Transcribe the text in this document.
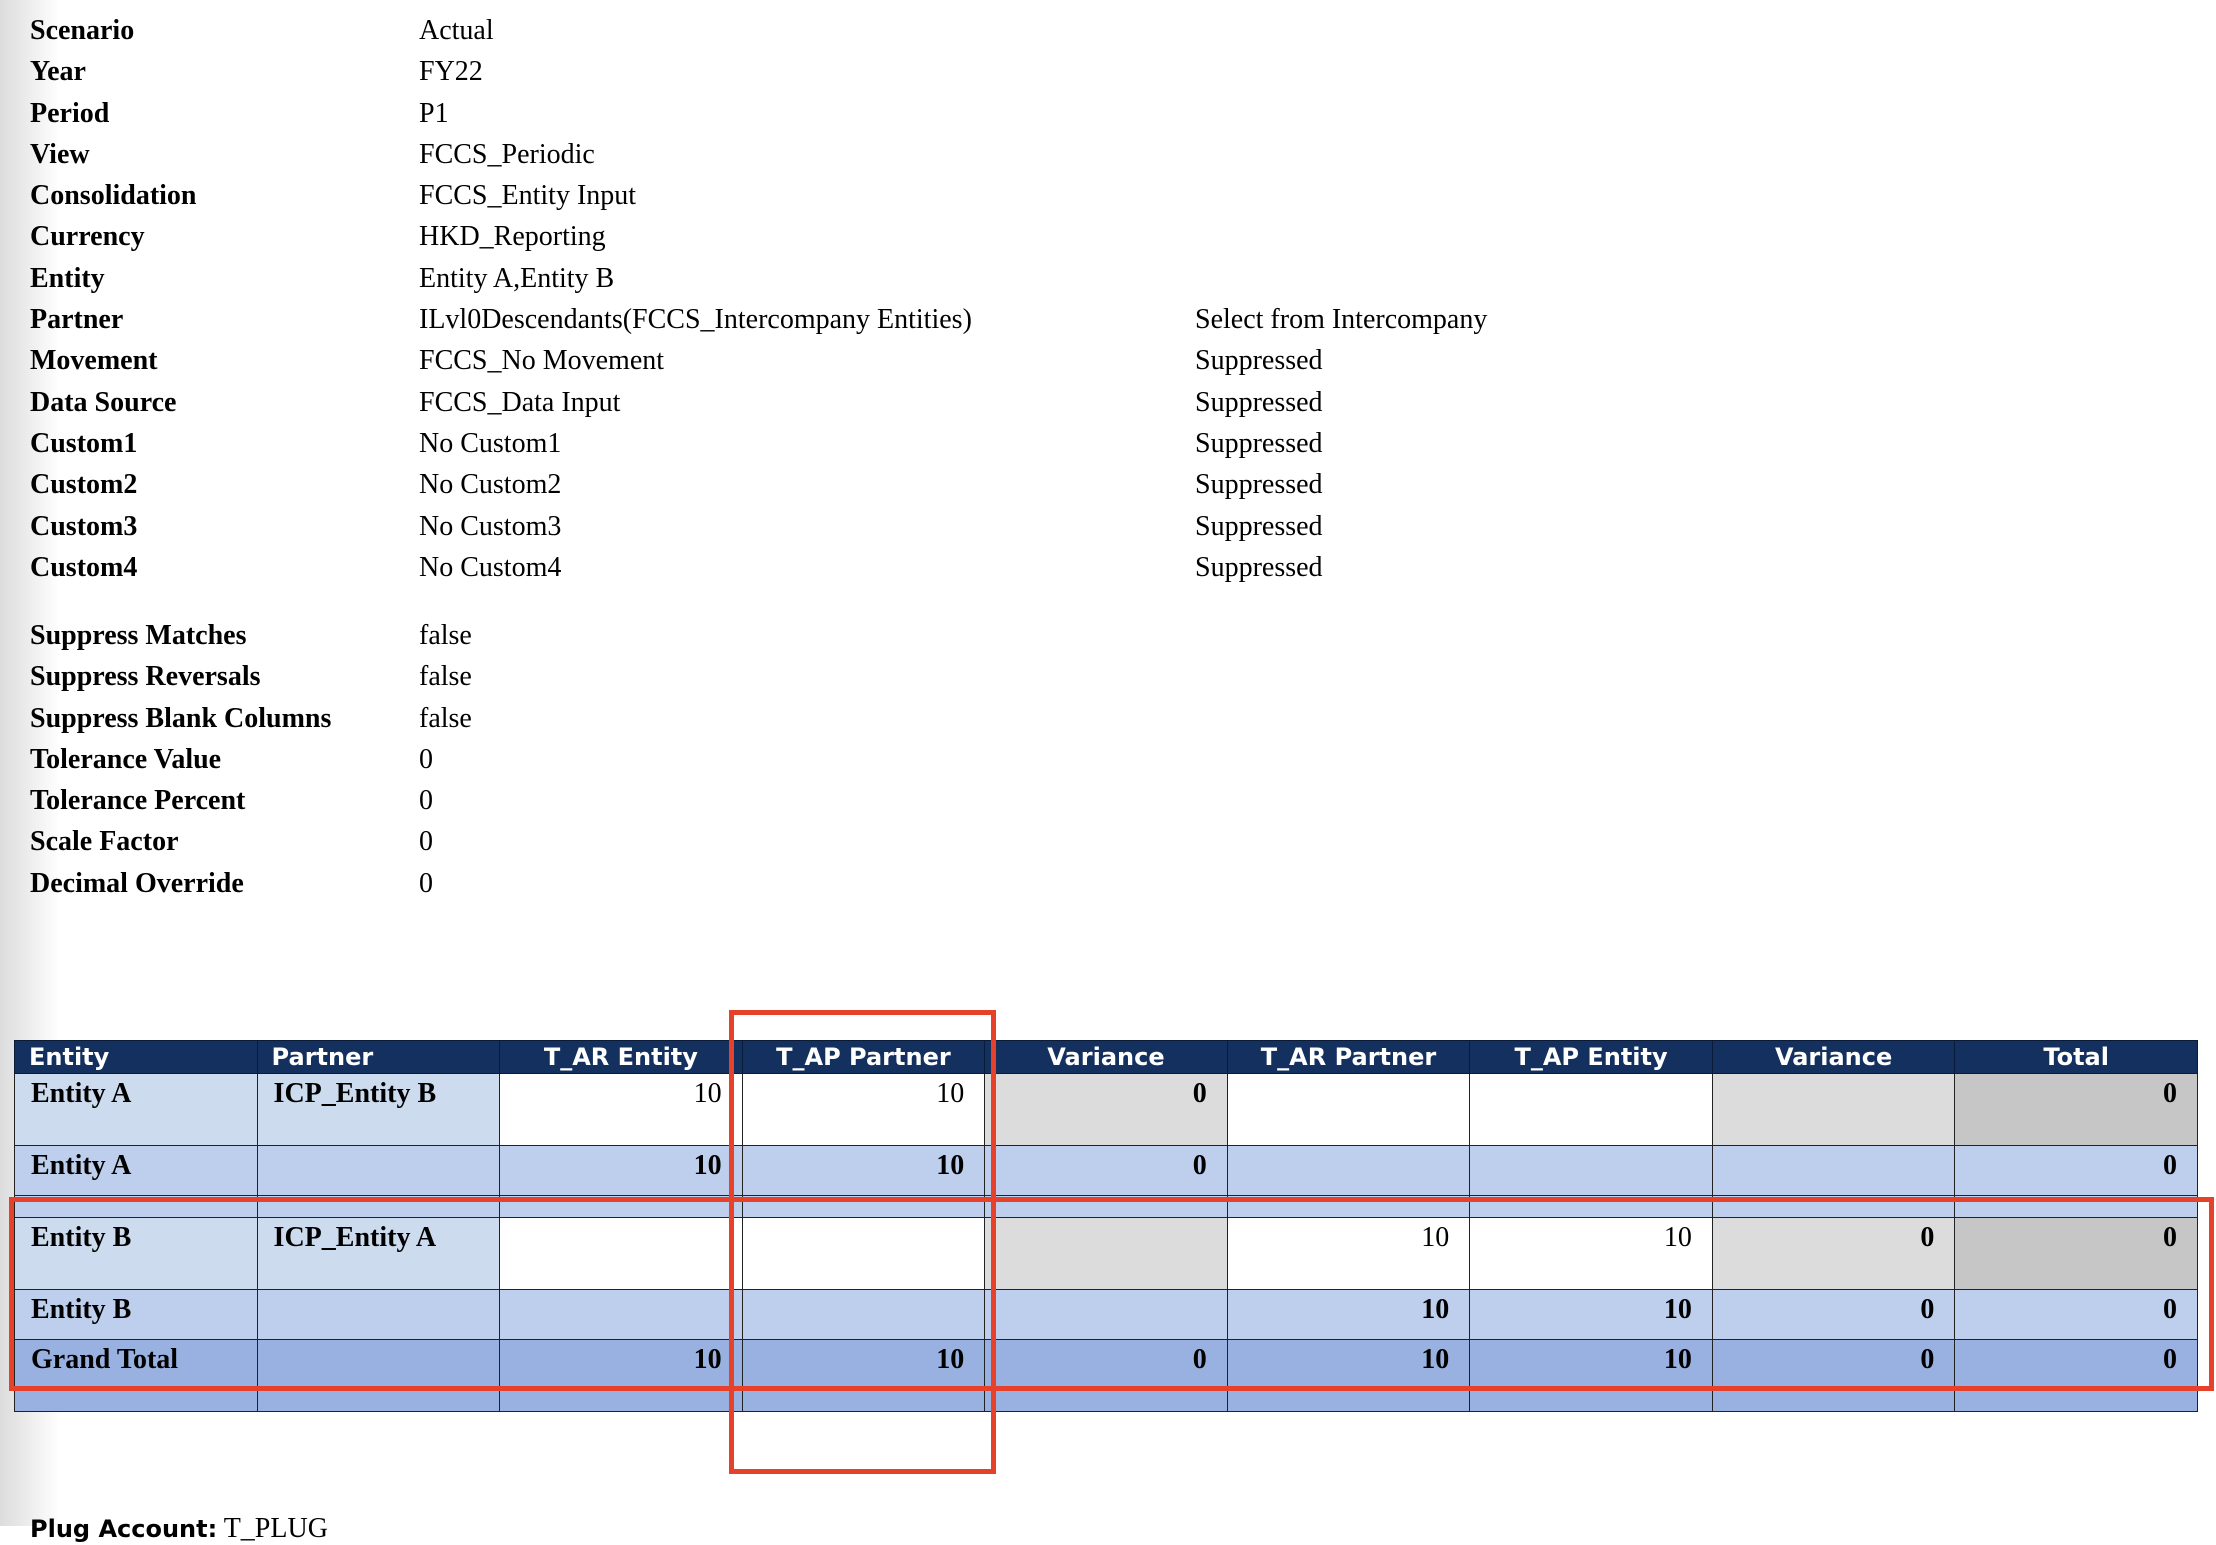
Scenario	Actual
Year	FY22
Period	P1
View	FCCS_Periodic
Consolidation	FCCS_Entity Input
Currency	HKD_Reporting
Entity	Entity A,Entity B
Partner	ILvl0Descendants(FCCS_Intercompany Entities)	Select from Intercompany
Movement	FCCS_No Movement	Suppressed
Data Source	FCCS_Data Input	Suppressed
Custom1	No Custom1	Suppressed
Custom2	No Custom2	Suppressed
Custom3	No Custom3	Suppressed
Custom4	No Custom4	Suppressed
Suppress Matches	false
Suppress Reversals	false
Suppress Blank Columns	false
Tolerance Value	0
Tolerance Percent	0
Scale Factor	0
Decimal Override	0
Entity	Partner	T_AR Entity	T_AP Partner	Variance	T_AR Partner	T_AP Entity	Variance	Total
Entity A	ICP_Entity B	10	10	0				0
Entity A		10	10	0				0

Entity B	ICP_Entity A				10	10	0	0
Entity B					10	10	0	0
Grand Total		10	10	0	10	10	0	0
Plug Account: T_PLUG
